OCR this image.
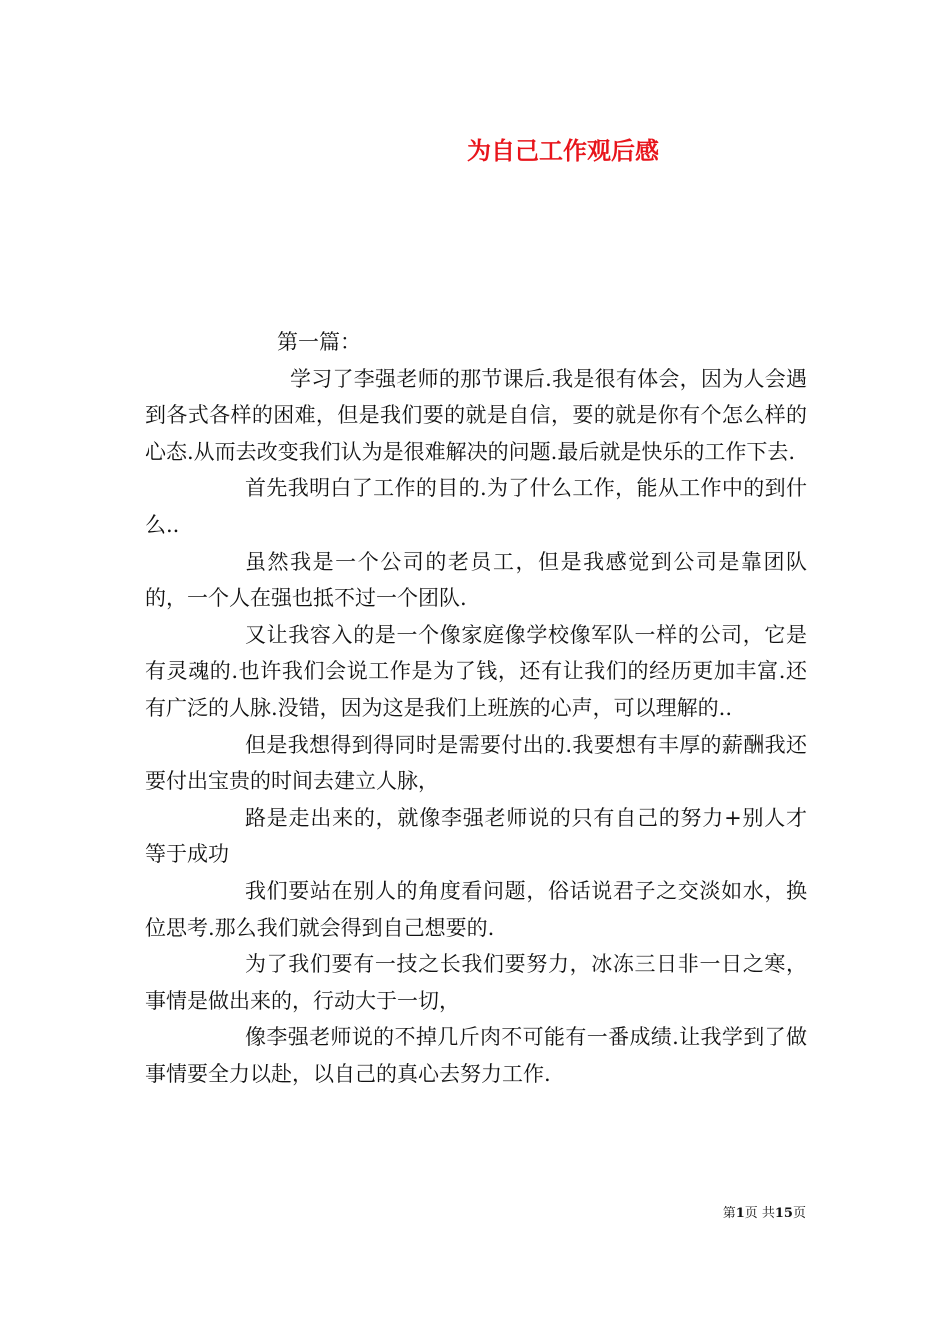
为自己工作观后感

第一篇：

学习了李强老师的那节课后.我是很有体会，因为人会遇到各式各样的困难，但是我们要的就是自信，要的就是你有个怎么样的心态.从而去改变我们认为是很难解决的问题.最后就是快乐的工作下去.

首先我明白了工作的目的.为了什么工作，能从工作中的到什么..

虽然我是一个公司的老员工，但是我感觉到公司是靠团队的，一个人在强也抵不过一个团队.

又让我容入的是一个像家庭像学校像军队一样的公司，它是有灵魂的.也许我们会说工作是为了钱，还有让我们的经历更加丰富.还有广泛的人脉.没错，因为这是我们上班族的心声，可以理解的..

但是我想得到得同时是需要付出的.我要想有丰厚的薪酬我还要付出宝贵的时间去建立人脉，

路是走出来的，就像李强老师说的只有自己的努力+别人才等于成功

我们要站在别人的角度看问题，俗话说君子之交淡如水，换位思考.那么我们就会得到自己想要的.

为了我们要有一技之长我们要努力，冰冻三日非一日之寒，事情是做出来的，行动大于一切，

像李强老师说的不掉几斤肉不可能有一番成绩.让我学到了做事情要全力以赴，以自己的真心去努力工作.

第1页 共15页
